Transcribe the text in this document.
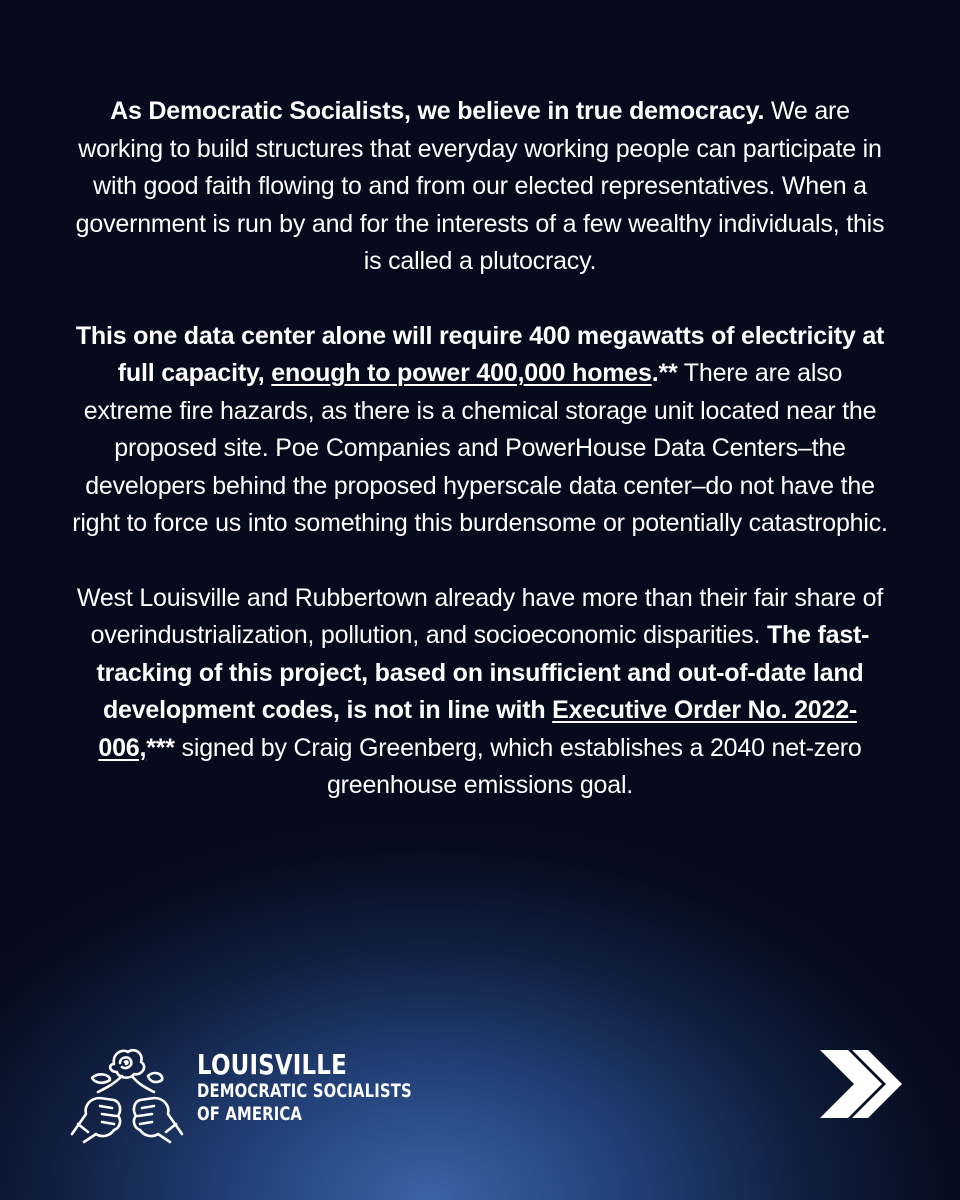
As Democratic Socialists, we believe in true democracy. We are working to build structures that everyday working people can participate in with good faith flowing to and from our elected representatives. When a government is run by and for the interests of a few wealthy individuals, this is called a plutocracy.

This one data center alone will require 400 megawatts of electricity at full capacity, enough to power 400,000 homes.** There are also extreme fire hazards, as there is a chemical storage unit located near the proposed site. Poe Companies and PowerHouse Data Centers–the developers behind the proposed hyperscale data center–do not have the right to force us into something this burdensome or potentially catastrophic.

West Louisville and Rubbertown already have more than their fair share of overindustrialization, pollution, and socioeconomic disparities. The fast-tracking of this project, based on insufficient and out-of-date land development codes, is not in line with Executive Order No. 2022-006,*** signed by Craig Greenberg, which establishes a 2040 net-zero greenhouse emissions goal.

LOUISVILLE
DEMOCRATIC SOCIALISTS
OF AMERICA
